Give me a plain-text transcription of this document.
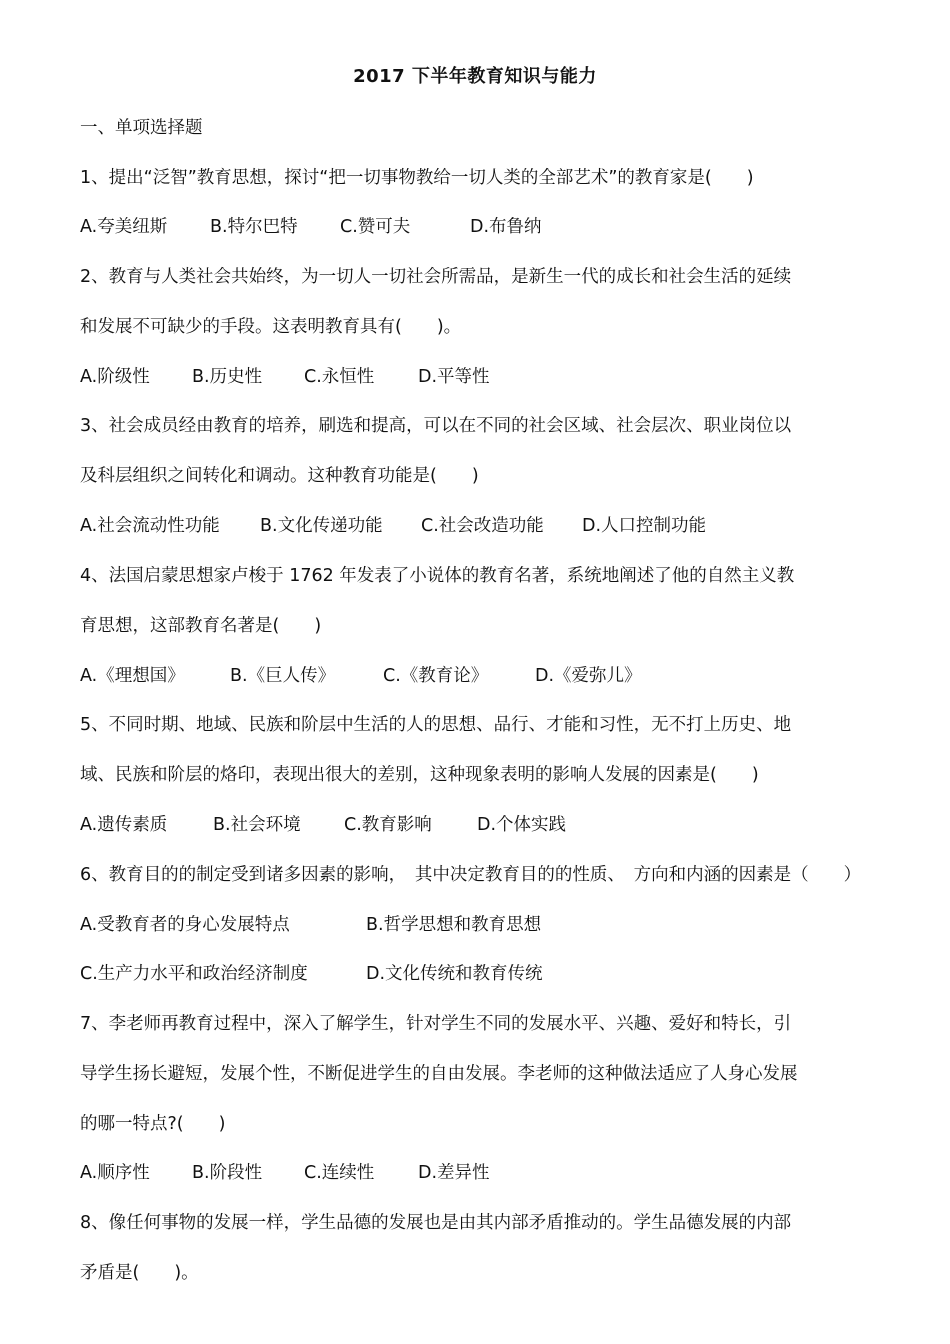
2017 下半年教育知识与能力
一、单项选择题
1、提出“泛智”教育思想，探讨“把一切事物教给一切人类的全部艺术”的教育家是(　　)
A.夸美纽斯 B.特尔巴特 C.赞可夫	D.布鲁纳
2、教育与人类社会共始终，为一切人一切社会所需品，是新生一代的成长和社会生活的延续
和发展不可缺少的手段。这表明教育具有(　　)。
A.阶级性 B.历史性 C.永恒性 D.平等性
3、社会成员经由教育的培养，刷选和提高，可以在不同的社会区域、社会层次、职业岗位以
及科层组织之间转化和调动。这种教育功能是(　　)
A.社会流动性功能 B.文化传递功能 C.社会改造功能 D.人口控制功能
4、法国启蒙思想家卢梭于 1762 年发表了小说体的教育名著，系统地阐述了他的自然主义教
育思想，这部教育名著是(　　)
A.《理想国》	B.《巨人传》	C.《教育论》	D.《爱弥儿》
5、不同时期、地域、民族和阶层中生活的人的思想、品行、才能和习性，无不打上历史、地
域、民族和阶层的烙印，表现出很大的差别，这种现象表明的影响人发展的因素是(　　)
A.遗传素质	B.社会环境 C.教育影响	D.个体实践
6、教育目的的制定受到诸多因素的影响，　其中决定教育目的的性质、　方向和内涵的因素是（　　）
A.受教育者的身心发展特点	B.哲学思想和教育思想
C.生产力水平和政治经济制度	D.文化传统和教育传统
7、李老师再教育过程中，深入了解学生，针对学生不同的发展水平、兴趣、爱好和特长，引
导学生扬长避短，发展个性，不断促进学生的自由发展。李老师的这种做法适应了人身心发展
的哪一特点?(　　)
A.顺序性 B.阶段性 C.连续性 D.差异性
8、像任何事物的发展一样，学生品德的发展也是由其内部矛盾推动的。学生品德发展的内部
矛盾是(　　)。
